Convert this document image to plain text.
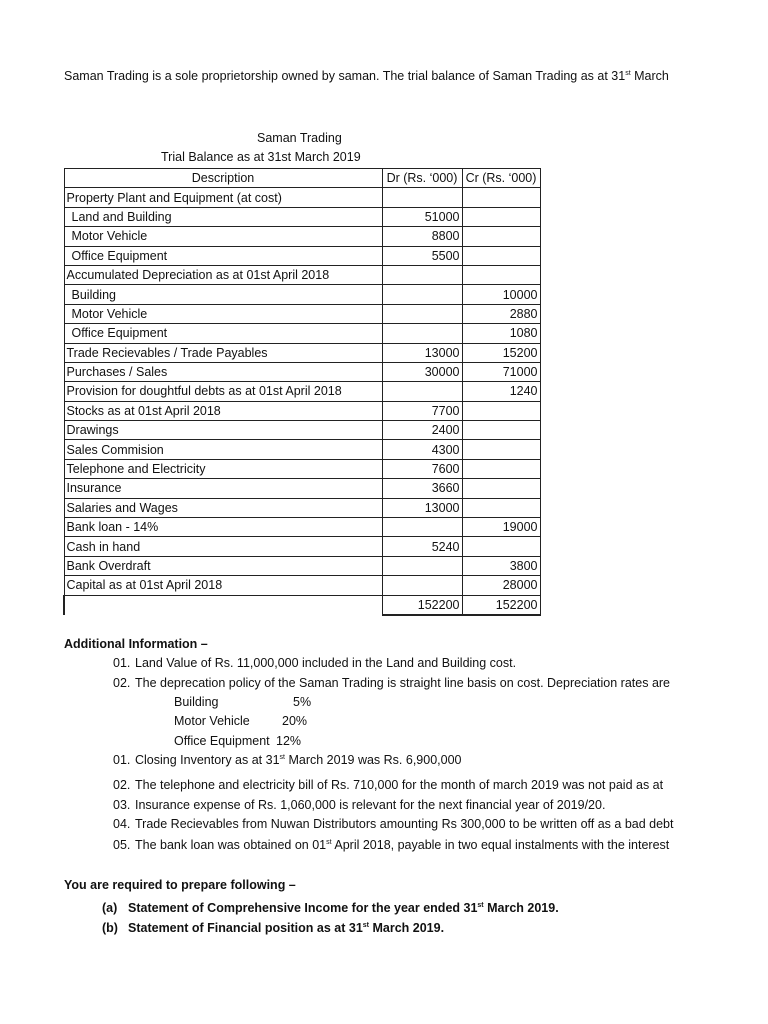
Saman Trading is a sole proprietorship owned by saman. The trial balance of Saman Trading as at 31st March
Saman Trading
Trial Balance as at 31st March 2019
Description	Dr (Rs. ‘000)	Cr (Rs. ‘000)
Property Plant and Equipment (at cost)		
Land and Building	51000	
Motor Vehicle	8800	
Office Equipment	5500	
Accumulated Depreciation as at 01st April 2018		
Building		10000
Motor Vehicle		2880
Office Equipment		1080
Trade Recievables / Trade Payables	13000	15200
Purchases / Sales	30000	71000
Provision for doughtful debts as at 01st April 2018		1240
Stocks as at 01st April 2018	7700	
Drawings	2400	
Sales Commision	4300	
Telephone and Electricity	7600	
Insurance	3660	
Salaries and Wages	13000	
Bank loan - 14%		19000
Cash in hand	5240	
Bank Overdraft		3800
Capital as at 01st April 2018		28000
	152200	152200
Additional Information –
01. Land Value of Rs. 11,000,000 included in the Land and Building cost.
02. The deprecation policy of the Saman Trading is straight line basis on cost. Depreciation rates are
Building	5%
Motor Vehicle	20%
Office Equipment 12%
01. Closing Inventory as at 31st March 2019 was Rs. 6,900,000
02. The telephone and electricity bill of Rs. 710,000 for the month of march 2019 was not paid as at
03. Insurance expense of Rs. 1,060,000 is relevant for the next financial year of 2019/20.
04. Trade Recievables from Nuwan Distributors amounting Rs 300,000 to be written off as a bad debt
05. The bank loan was obtained on 01st April 2018, payable in two equal instalments with the interest
You are required to prepare following –
(a) Statement of Comprehensive Income for the year ended 31st March 2019.
(b) Statement of Financial position as at 31st March 2019.
